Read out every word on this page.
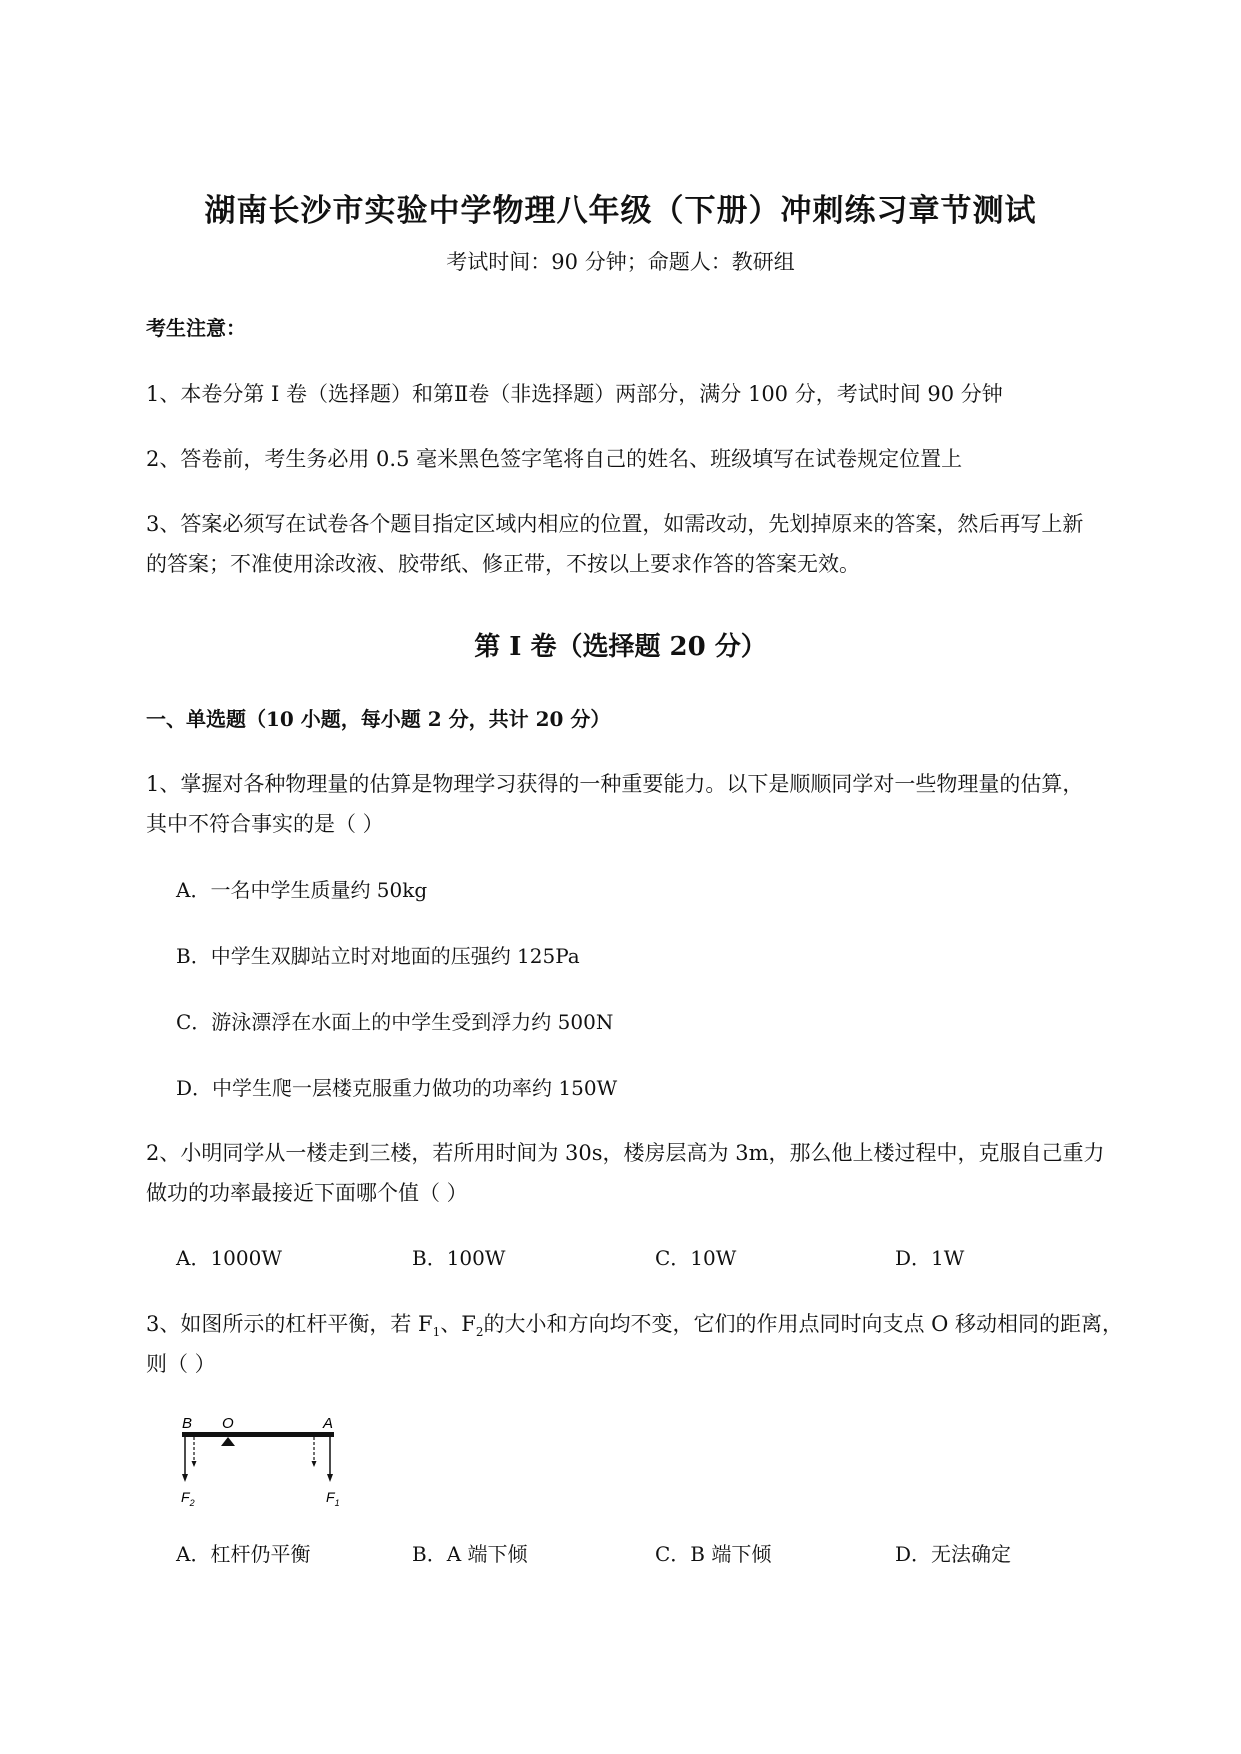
湖南长沙市实验中学物理八年级（下册）冲刺练习章节测试
考试时间：90 分钟；命题人：教研组
考生注意：
1、本卷分第 I 卷（选择题）和第Ⅱ卷（非选择题）两部分，满分 100 分，考试时间 90 分钟
2、答卷前，考生务必用 0.5 毫米黑色签字笔将自己的姓名、班级填写在试卷规定位置上
3、答案必须写在试卷各个题目指定区域内相应的位置，如需改动，先划掉原来的答案，然后再写上新
的答案；不准使用涂改液、胶带纸、修正带，不按以上要求作答的答案无效。
第 I 卷（选择题 20 分）
一、单选题（10 小题，每小题 2 分，共计 20 分）
1、掌握对各种物理量的估算是物理学习获得的一种重要能力。以下是顺顺同学对一些物理量的估算，
其中不符合事实的是（ ）
A．一名中学生质量约 50kg
B．中学生双脚站立时对地面的压强约 125Pa
C．游泳漂浮在水面上的中学生受到浮力约 500N
D．中学生爬一层楼克服重力做功的功率约 150W
2、小明同学从一楼走到三楼，若所用时间为 30s，楼房层高为 3m，那么他上楼过程中，克服自己重力
做功的功率最接近下面哪个值（ ）
A．1000W	B．100W	C．10W	D．1W
3、如图所示的杠杆平衡，若 $F_1$、$F_2$的大小和方向均不变，它们的作用点同时向支点 O 移动相同的距离，
则（ ）
B O	A
$F_2$	$F_1$
A．杠杆仍平衡	B．A 端下倾	C．B 端下倾	D．无法确定
